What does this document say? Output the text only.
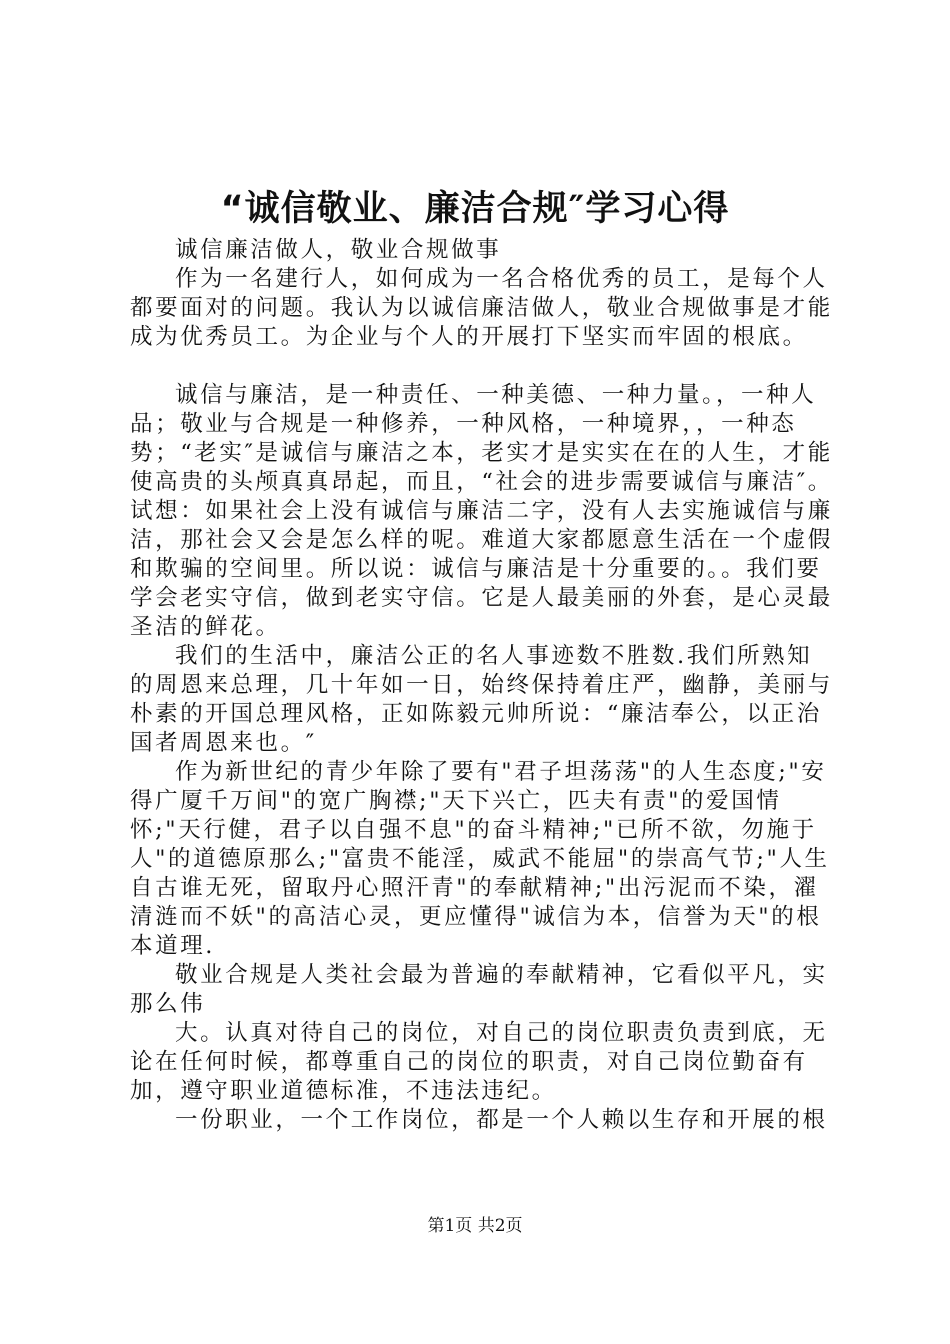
“诚信敬业、廉洁合规″学习心得

诚信廉洁做人，敬业合规做事

作为一名建行人，如何成为一名合格优秀的员工，是每个人都要面对的问题。我认为以诚信廉洁做人，敬业合规做事是才能成为优秀员工。为企业与个人的开展打下坚实而牢固的根底。

诚信与廉洁，是一种责任、一种美德、一种力量。，一种人品；敬业与合规是一种修养，一种风格，一种境界，，一种态势；“老实″是诚信与廉洁之本，老实才是实实在在的人生，才能使高贵的头颅真真昂起，而且，“社会的进步需要诚信与廉洁″。试想：如果社会上没有诚信与廉洁二字，没有人去实施诚信与廉洁，那社会又会是怎么样的呢。难道大家都愿意生活在一个虚假和欺骗的空间里。所以说：诚信与廉洁是十分重要的。。我们要学会老实守信，做到老实守信。它是人最美丽的外套，是心灵最圣洁的鲜花。

我们的生活中，廉洁公正的名人事迹数不胜数.我们所熟知的周恩来总理，几十年如一日，始终保持着庄严，幽静，美丽与朴素的开国总理风格，正如陈毅元帅所说：“廉洁奉公，以正治国者周恩来也。″

作为新世纪的青少年除了要有"君子坦荡荡"的人生态度;"安得广厦千万间"的宽广胸襟;"天下兴亡，匹夫有责"的爱国情怀;"天行健，君子以自强不息"的奋斗精神;"已所不欲，勿施于人"的道德原那么;"富贵不能淫，威武不能屈"的崇高气节;"人生自古谁无死，留取丹心照汗青"的奉献精神;"出污泥而不染，濯清涟而不妖"的高洁心灵，更应懂得"诚信为本，信誉为天"的根本道理.

敬业合规是人类社会最为普遍的奉献精神，它看似平凡，实那么伟

大。认真对待自己的岗位，对自己的岗位职责负责到底，无论在任何时候，都尊重自己的岗位的职责，对自己岗位勤奋有加，遵守职业道德标准，不违法违纪。

一份职业，一个工作岗位，都是一个人赖以生存和开展的根

第1页 共2页
